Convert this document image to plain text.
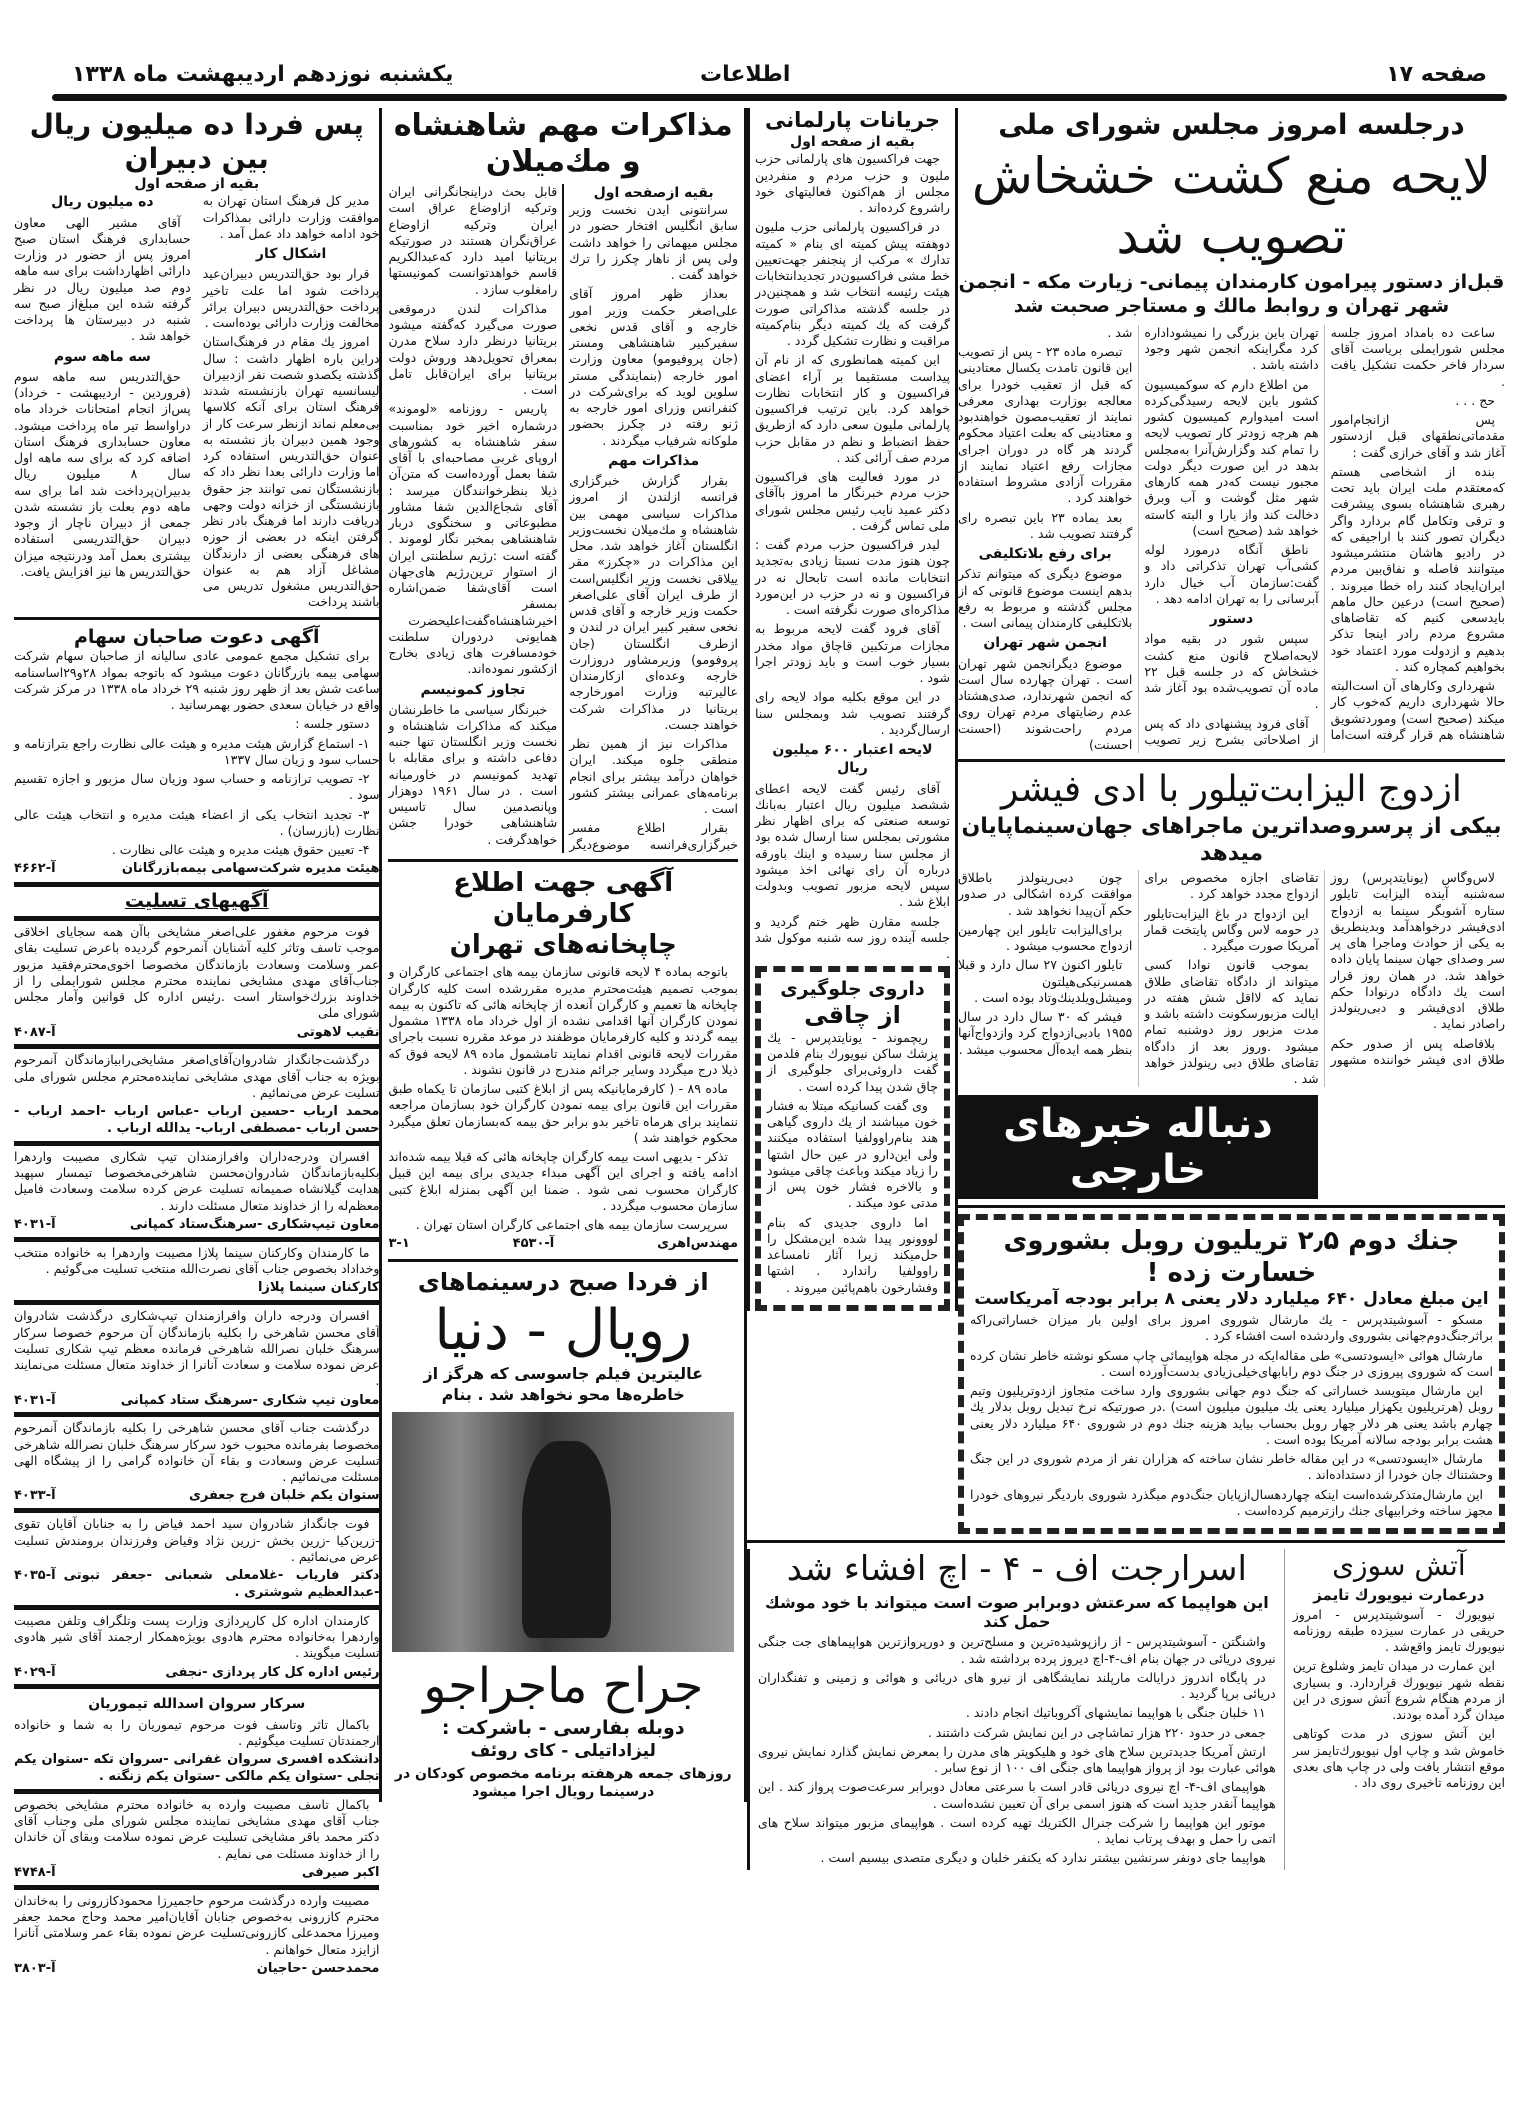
صفحه ۱۷
اطلاعات
یکشنبه نوزدهم اردیبهشت ماه ۱۳۳۸
درجلسه امروز مجلس شورای ملی
لایحه منع کشت خشخاش تصویب شد
قبل‌از دستور پیرامون کارمندان پیمانی- زیارت مکه - انجمن شهر تهران و روابط مالك و مستاجر صحبت شد

ساعت ده بامداد امروز جلسه مجلس شورایملی بریاست آقای سردار فاخر حکمت تشکیل یافت .

حج . . .

پس ازانجام‌امور مقدماتی‌نطقهای قبل ازدستور آغاز شد و آقای خرازی گفت :

بنده از اشخاصی هستم که‌معتقدم ملت ایران باید تحت رهبری شاهنشاه بسوی پیشرفت و ترقی وتکامل گام بردارد واگر دیگران تصور کنند با اراجیفی که در رادیو هاشان منتشرمیشود میتوانند فاصله و نفاق‌بین مردم ایران‌ایجاد کنند راه خطا میروند . (صحیح است) درعین حال ماهم بایدسعی کنیم که تقاضاهای مشروع مردم رادر اینجا تذکر بدهیم و ازدولت مورد اعتماد خود بخواهیم کمچاره کند .

شهرداری وکارهای آن است‌البته حالا شهرداری داریم که‌خوب کار میکند (صحیح است) ومورد‌تشویق شاهنشاه هم قرار گرفته است‌اما تهران باین بزرگی را نمیشوداداره کرد مگراینکه انجمن شهر وجود داشته باشد .

من اطلاع دارم که سوکمیسیون کشور باین لایحه رسیدگی‌کرده است امیدوارم کمیسیون کشور هم هرچه زودتر کار تصویب لایحه را تمام کند وگزارش‌آنرا به‌مجلس بدهد در این صورت دیگر دولت مجبور نیست که‌در همه کارهای شهر مثل گوشت و آب وبرق دخالت کند واز بارا و البته کاسته خواهد شد (صحیح است)

ناطق آنگاه درمورد لوله کشی‌آب تهران تذکراتی داد و گفت:سازمان آب خیال دارد آبرسانی را به تهران ادامه دهد .

دستور

سپس شور در بقیه مواد لایحه‌اصلاح قانون منع کشت خشخاش که در جلسه قبل ۲۲ ماده آن تصویب‌شده بود آغاز شد .

آقای فرود پیشنهادی داد که پس از اصلاحاتی بشرح زیر تصویب شد .

تبصره ماده ۲۳ - پس از تصویب این قانون تامدت یکسال معتادینی که قبل از تعقیب خودرا برای معالجه بوزارت بهداری معرفی نمایند از تعقیب‌مصون خواهندبود و معتادینی که بعلت اعتیاد محکوم گردند هر گاه در دوران اجرای مجازات رفع اعتیاد نمایند از مقررات آزادی مشروط استفاده خواهند کرد .

بعد بماده ۲۳ باین تبصره رای گرفتند تصویب شد .

برای رفع بلاتکلیفی

موضوع دیگری که میتوانم تذکر بدهم اینست موضوع قانونی که از مجلس گذشته و مربوط به رفع بلاتکلیفی کارمندان پیمانی است .

انجمن شهر تهران

موضوع دیگرانجمن شهر تهران است . تهران چهارده سال است که انجمن شهرندارد، صدی‌هشتاد عدم رضایتهای مردم تهران روی مردم راحت‌شوند (احسنت احسنت)

ازدوج الیزابت‌تیلور با ادی فیشر
بیکی از پرسروصداترین ماجراهای جهان‌سینماپایان میدهد

لاس‌وگاس (یونایتدپرس) روز سه‌شنبه آینده الیزابت تایلور ستاره آشوبگر سینما به ازدواج ادی‌فیشر درخواهدآمد وبدینطریق به یکی از حوادث وماجرا های پر سر وصدای جهان سینما پایان داده خواهد شد. در همان روز قرار است یك دادگاه درنوادا حکم طلاق ادی‌فیشر و دبی‌رینولدز راصادر نماید .

بلافاصله پس از صدور حکم طلاق ادی فیشر خواننده مشهور تقاضای اجازه مخصوص برای ازدواج مجدد خواهد کرد .

این ازدواج در باغ الیزابت‌تایلور در حومه لاس وگاس پایتخت قمار آمریکا صورت میگیرد .

بموجب قانون نوادا کسی میتواند از دادگاه تقاضای طلاق نماید که لااقل شش هفته در ایالت مزبورسکونت داشته باشد و مدت مزبور روز دوشنبه تمام میشود .وروز بعد از دادگاه تقاضای طلاق دبی رینولدز خواهد شد .

چون دبی‌رینولدز باطلاق موافقت کرده اشکالی در صدور حکم آن‌پیدا نخواهد شد .

برای‌الیزابت تایلور این چهارمین ازدواج محسوب میشود .

تایلور اکنون ۲۷ سال دارد و قبلا همسرنیکی‌هیلتون ومیشل‌ویلدینك‌وتاد بوده است .

فیشر که ۳۰ سال دارد در سال ۱۹۵۵ بادبی‌ازدواج کرد وازدواج‌آنها بنظر همه ایده‌آل محسوب میشد .

دنباله خبرهای خارجی
جنك دوم ۲٫۵ تریلیون روبل بشوروی خسارت زده !
این مبلغ معادل ۶۴۰ میلیارد دلار یعنی ۸ برابر بودجه آمریکاست

مسکو - آسوشیتدپرس - یك مارشال شوروی امروز برای اولین بار میزان خساراتی‌راکه براثرجنگ‌دوم‌جهانی بشوروی واردشده است افشاء کرد .

مارشال هوائی «ایسودتسی» طی مقاله‌ایکه در مجله هواپیمائی چاپ مسکو نوشته خاطر نشان کرده است که شوروی پیروزی در جنگ دوم رابابهای‌خیلی‌زیادی بدست‌آورده است .

این مارشال میتویسد خساراتی که جنگ دوم جهانی بشوروی وارد ساخت متجاوز ازدوتریلیون وتیم روبل (هرتریلیون یکهزار میلیارد یعنی یك میلیون میلیون است) .در صورتیکه نرخ تبدیل روبل بدلار یك چهارم باشد یعنی هر دلار چهار روبل بحساب بیاید هزینه جنك دوم در شوروی ۶۴۰ میلیارد دلار یعنی هشت برابر بودجه سالانه آمریکا بوده است .

مارشال «ایسودتسی» در این مقاله خاطر نشان ساخته که هزاران نفر از مردم شوروی در این جنگ وحشتناك جان خودرا از دستداده‌اند .

این مارشال‌متذکرشده‌است اینکه چهاردهسال‌ازپایان جنگ‌دوم میگذرد شوروی باردیگر نیروهای خودرا مجهز ساخته وخرابیهای جنك رازترمیم کرده‌است .

جریانات پارلمانی
بقیه از صفحه اول

جهت فراکسیون های پارلمانی حزب ملیون و حزب مردم و منفردین مجلس از هم‌اکنون فعالیتهای خود راشروع کرده‌اند .

در فراکسیون پارلمانی حزب ملیون دوهفته پیش کمیته ای بنام « کمیته تدارك » مرکب از پنجنفر جهت‌تعیین خط مشی فراکسیون‌در تجدیدانتخابات هیئت رئیسه انتخاب شد و همچنین‌در در جلسه گذشته مذاکراتی صورت گرفت که یك کمیته دیگر بنام‌کمیته مراقبت و نظارت تشکیل گردد .

این کمیته همانطوری که از نام آن پیداست مستقیما بر آراء اعضای فراکسیون و کار انتخابات نظارت خواهد کرد. باین ترتیب فراکسیون پارلمانی ملیون سعی دارد که ازطریق حفظ انضباط و نظم در مقابل حزب مردم صف آرائی کند .

در مورد فعالیت های فراکسیون حزب مردم خبرنگار ما امروز باآقای دکتر عمید نایب رئیس مجلس شورای ملی تماس گرفت .

لیدر فراکسیون حزب مردم گفت : چون هنوز مدت نسبتا زیادی به‌تجدید انتخابات مانده است تابحال نه در فراکسیون و نه در حزب در این‌مورد مذاکره‌ای صورت نگرفته است .

آقای فرود گفت لایحه مربوط به مجازات مرتکبین قاچاق مواد مخدر بسیار خوب است و باید زودتر اجرا شود .

در این موقع بکلیه مواد لایحه رای گرفتند تصویب شد وبمجلس سنا ارسال‌گردید .

لایحه اعتبار ۶۰۰ میلیون ریال

آقای رئیس گفت لایحه اعطای ششصد میلیون ریال اعتبار به‌بانك توسعه صنعتی که برای اظهار نظر مشورتی بمجلس سنا ارسال شده بود از مجلس سنا رسیده و اینك باورقه درباره آن رای نهائی اخذ میشود سپس لایحه مزبور تصویب وبدولت ابلاغ شد .

جلسه مقارن ظهر ختم گردید و جلسه آینده روز سه شنبه موکول شد .

داروی جلوگیری
از چاقی

ریچموند - یونایتدپرس - یك پزشك ساکن نیویورك بنام فلدمن گفت داروئی‌برای جلوگیری از چاق شدن پیدا کرده است .

وی گفت کسانیکه مبتلا به فشار خون میباشند از یك داروی گیاهی هند بنام‌راوولفیا استفاده میکنند ولی این‌دارو در عین حال اشتها را زیاد میکند وباعث چاقی میشود و بالاخره فشار خون پس از مدتی عود میکند .

اما داروی جدیدی که بنام لووونور پیدا شده این‌مشکل را حل‌میکند زیرا آثار نامساعد راوولفیا راندارد . اشتها وفشارخون باهم‌پائین میروند .

آتش سوزی
درعمارت نیویورك تایمز

نیویورك - آسوشیتدپرس - امروز حریقی در عمارت سیزده طبقه روزنامه نیویورك تایمز واقع‌شد .

این عمارت در میدان تایمز وشلوغ ترین نقطه شهر نیویورك قراردارد. و بسیاری از مردم هنگام شروع آتش سوزی در این میدان گرد آمده بودند.

این آتش سوزی در مدت کوتاهی خاموش شد و چاپ اول نیویورك‌تایمز سر موقع انتشار یافت ولی در چاپ های بعدی این روزنامه تاخیری روی داد .

اسرارجت اف - ۴ - اچ افشاء شد
این هواپیما که سرعتش دوبرابر صوت است میتواند با خود موشك حمل کند

واشنگتن - آسوشیتدپرس - از رازپوشیده‌ترین و مسلح‌ترین و دورپروازترین هواپیماهای جت جنگی نیروی دریائی در جهان بنام اف‌-۴-اچ دیروز پرده برداشته شد .

در پایگاه اندروز درایالت مارپلند نمایشگاهی از نیرو های دریائی و هوائی و زمینی و تفنگداران دریائی برپا گردید .

۱۱ خلبان جنگی با هواپیما نمایشهای آکروباتیك انجام دادند .

جمعی در حدود ۲۲۰ هزار تماشاچی در این نمایش شرکت داشتند .

ارتش آمریکا جدیدترین سلاح های خود و هلیکوپتر های مدرن را بمعرض نمایش گذارد نمایش نیروی هوائی عبارت بود از پرواز هواپیما های جنگی اف ۱۰۰ از نوع سابر .

هواپیمای اف-۴- اچ نیروی دریائی قادر است با سرعتی معادل دوبرابر سرعت‌صوت پرواز کند . این هواپیما آنقدر جدید است که هنوز اسمی برای آن تعیین نشده‌است .

موتور این هواپیما را شرکت جنرال الکتریك تهیه کرده است . هواپیمای مزبور میتواند سلاح های اتمی را حمل و بهدف پرتاب نماید .

هواپیما جای دونفر سرنشین بیشتر ندارد که یکنفر خلبان و دیگری متصدی بیسیم است .

مذاکرات مهم شاهنشاه و مك‌میلان
بقیه ازصفحه اول

سرانتونی ایدن نخست وزیر سابق انگلیس افتخار حضور در مجلس میهمانی را خواهد داشت ولی پس از ناهار چکرز را ترك خواهد گفت .

بعداز ظهر امروز آقای علی‌اصغر حکمت وزیر امور خارجه و آقای قدس نخعی سفیرکبیر شاهنشاهی ومستر (جان پروفیومو) معاون وزارت امور خارجه (بنمایندگی مستر سلوین لوید که برای‌شرکت در کنفرانس وزرای امور خارجه به ژنو رفته در چکرز بحضور ملوکانه شرفیاب میگردند .

مذاکرات مهم

بقرار گزارش خبرگزاری فرانسه ازلندن از امروز مذاکرات سیاسی مهمی بین شاهنشاه و مك‌میلان نخست‌وزیر انگلستان آغاز خواهد شد. محل این مذاکرات در «چکرز» مقر ییلاقی نخست وزیر انگلیس‌است از طرف ایران آقای علی‌اصغر حکمت وزیر خارجه و آقای قدس نخعی سفیر کبیر ایران در لندن و ازطرف انگلستان (جان پروفومو) وزیرمشاور دروزارت خارجه وعده‌ای ازکارمندان عالیرتبه وزارت امورخارجه بریتانیا در مذاکرات شرکت خواهند جست.

مذاکرات نیز از همین نظر منطقی جلوه میکند. ایران خواهان درآمد بیشتر برای انجام برنامه‌های عمرانی بیشتر کشور است .

بقرار اطلاع مفسر خبرگزاری‌فرانسه موضوع‌دیگر قابل بحث دراینجانگرانی ایران وترکیه ازاوضاع عراق است ایران وترکیه ازاوضاع عراق‌نگران هستند در صورتیکه بریتانیا امید دارد که‌عبدالکریم قاسم خواهدتوانست کمونیستها رامغلوب سازد .

مذاکرات لندن درموقعی صورت می‌گیرد که‌گفته میشود بریتانیا درنظر دارد سلاح مدرن بمعراق تحویل‌دهد وروش دولت بریتانیا برای ایران‌قابل تامل است .

پاریس - روزنامه «لوموند» درشماره اخیر خود بمناسبت سفر شاهنشاه به کشورهای اروپای غربی مصاحبه‌ای با آقای شفا بعمل آورده‌است که متن‌آن ذیلا بنظرخوانندگان میرسد : آقای شجاع‌الدین شفا مشاور مطبوعاتی و سخنگوی دربار شاهنشاهی بمخبر نگار لوموند . گفته است :رژیم سلطنتی ایران از استوار ترین‌رژیم های‌جهان است آقای‌شفا ضمن‌اشاره بمسفر اخیرشاهنشاه‌گفت‌اعلیحضرت همایونی دردوران سلطنت خودمسافرت های زیادی بخارج ازکشور نموده‌اند.

تجاوز کمونیسم

خبرنگار سیاسی ما خاطرنشان میکند که مذاکرات شاهنشاه و نخست وزیر انگلستان تنها جنبه دفاعی داشته و برای مقابله با تهدید کمونیسم در خاورمیانه است . در سال ۱۹۶۱ دوهزار وپانصدمین سال تاسیس شاهنشاهی خودرا جشن خواهدگرفت .

آگهی جهت اطلاع کارفرمایان
چاپخانه‌های تهران

باتوجه بماده ۴ لایحه قانونی سازمان بیمه های اجتماعی کارگران و بموجب تصمیم هیئت‌محترم مدیره مقررشده است کلیه کارگران چاپخانه ها تعمیم و کارگران آنعده از چاپخانه هائی که تاکنون به بیمه نمودن کارگران آنها اقدامی نشده از اول خرداد ماه ۱۳۳۸ مشمول بیمه گردند و کلیه کارفرمایان موظفند در موعد مقرره نسبت باجرای مقررات لایحه قانونی اقدام نمایند تامشمول ماده ۸۹ لایحه فوق که ذیلا درج میگردد وسایر جرائم مندرج در قانون نشوند .

ماده ۸۹ - ( کارفرمایانیکه پس از ابلاغ کتبی سازمان تا یکماه طبق مقررات این قانون برای بیمه نمودن کارگران خود بسازمان مراجعه ننمایند برای هرماه تاخیر بدو برابر حق بیمه که‌بسازمان تعلق میگیرد محکوم خواهند شد )

تذکر - بدیهی است بیمه کارگران چاپخانه هائی که قبلا بیمه شده‌اند ادامه یافته و اجرای این آگهی مبداء جدیدی برای بیمه این قبیل کارگران محسوب نمی شود . ضمنا این آگهی بمنزله ابلاغ کتبی سازمان محسوب میگردد .

سرپرست سازمان بیمه های اجتماعی کارگران استان تهران .

مهندس‌اهری
آ-۴۵۳۰
۳-۱
از فردا صبح درسینماهای
رویال - دنیا
عالیترین فیلم جاسوسی که هرگز از خاطره‌ها محو نخواهد شد . بنام
جراح ماجراجو
دوبله بفارسی - باشرکت :
لیزاداتیلی - کای روئف
روزهای جمعه هرهفته برنامه مخصوص کودکان در درسینما رویال اجرا میشود
پس فردا ده میلیون ریال بین دبیران
بقیه از صفحه اول

مدیر کل فرهنگ استان تهران به موافقت وزارت دارائی بمذاکرات خود ادامه خواهد داد عمل آمد .

اشکال کار

قرار بود حق‌التدریس دبیران‌عید پرداخت شود اما علت تاخیر پرداخت حق‌التدریس دبیران برائر مخالفت وزارت دارائی بوده‌است .

امروز یك مقام در فرهنگ‌استان دراین باره اظهار داشت : سال گذشته یکصدو شصت نفر ازدبیران لیسانسیه تهران بازنشسته شدند فرهنگ استان برای آنکه کلاسها بی‌معلم نماند ازنظر سرعت کار از وجود همین دبیران باز نشسته به عنوان حق‌التدریس استفاده کرد اما وزارت دارائی بعدا نظر داد که بازنشستگان نمی توانند جز حقوق بازنشستگی از خزانه دولت وجهی دریافت دارند اما فرهنگ بادر نظر گرفتن اینکه در بعضی از حوزه های فرهنگی بعضی از دارندگان مشاغل آزاد هم به عنوان حق‌التدریس مشغول تدریس می باشند پرداخت

ده میلیون ریال

آقای مشیر الهی معاون حسابداری فرهنگ استان صبح امروز پس از حضور در وزارت دارائی اظهارداشت برای سه ماهه دوم صد میلیون ریال در نظر گرفته شده این مبلغ‌از صبح سه شنبه در دبیرستان ها پرداخت خواهد شد .

سه ماهه سوم

حق‌التدریس سه ماهه سوم (فروردین - اردیبهشت - خرداد) پس‌از انجام امتحانات خرداد ماه دراواسط تیر ماه پرداخت میشود. معاون حسابداری فرهنگ استان اضافه کرد که برای سه ماهه اول سال ۸ میلیون ریال بدبیران‌پرداخت شد اما برای سه ماهه دوم بعلت باز نشسته شدن جمعی از دبیران ناچار از وجود دبیران حق‌التدریسی استفاده بیشتری بعمل آمد ودرنتیجه میزان حق‌التدریس ها نیز افزایش یافت.

آگهی دعوت صاحبان سهام

برای تشکیل مجمع عمومی عادی سالیانه از صاحبان سهام شرکت سهامی بیمه بازرگانان دعوت میشود که باتوجه بمواد ۲۸و۲۹اساسنامه ساعت شش بعد از ظهر روز شنبه ۲۹ خرداد ماه ۱۳۳۸ در مرکز شرکت واقع در خیابان سعدی حضور بهمرسانید .

دستور جلسه :

۱- استماع گزارش هیئت مدیره و هیئت عالی نظارت راجع بترازنامه و حساب سود و زیان سال ۱۳۳۷

۲- تصویب ترازنامه و حساب سود وزیان سال مزبور و اجازه تقسیم سود .

۳- تجدید انتخاب یکی از اعضاء هیئت مدیره و انتخاب هیئت عالی نظارت (بازرسان) .

۴- تعیین حقوق هیئت مدیره و هیئت عالی نظارت .

هیئت مدیره شرکت‌سهامی بیمه‌بازرگانان
آ-۴۶۶۲
آگهیهای تسلیت

فوت مرحوم مغفور علی‌اصغر مشایخی باآن همه سجایای اخلاقی موجب تاسف وتاثر کلیه آشنایان آنمرحوم گردیده باعرض تسلیت بقای عمر وسلامت وسعادت بازماندگان مخصوصا اخوی‌محترم‌فقید مزبور جناب‌آقای مهدی مشایخی نماینده محترم مجلس شورایملی را از خداوند بزرك‌خواستار است .رئیس اداره کل قوانین وآمار مجلس شورای ملی

نقیب لاهوتی
آ-۴۰۸۷

درگذشت‌جانگداز شادروان‌آقای‌اصغر مشایخی‌رابیازماندگان آنمرحوم بویژه به جناب آقای مهدی مشایخی نماینده‌محترم مجلس شورای ملی تسلیت عرض می‌نمائیم .

محمد ارباب -حسین ارباب -عباس ارباب -احمد ارباب - حسن ارباب -مصطفی ارباب- یدالله ارباب .

افسران ودرجه‌داران وافرازمندان تیپ شکاری مصیبت واردهرا بکلیه‌بازماندگان شادروان‌محسن شاهرخی‌مخصوصا تیمسار سپهبد هدایت گیلانشاه صمیمانه تسلیت عرض کرده سلامت وسعادت فامیل معظم‌له را از خداوند متعال مسئلت دارند .

معاون تیپ‌شکاری -سرهنگ‌ستاد کمپانی
آ-۴۰۳۱

ما کارمندان وکارکنان سینما پلازا مصیبت واردهرا به خانواده منتخب وخداداد بخصوص جناب آقای نصرت‌الله منتخب تسلیت می‌گوئیم .

کارکنان سینما پلازا

افسران ودرجه داران وافرازمندان تیپ‌شکاری درگذشت شادروان آقای محسن شاهرخی را بکلیه بازماندگان آن مرحوم خصوصا سرکار سرهنگ خلبان نصرالله شاهرخی فرمانده معظم تیپ شکاری تسلیت عرض نموده سلامت و سعادت آنانرا از خداوند متعال مسئلت می‌نمایند .

معاون تیپ شکاری -سرهنگ ستاد کمپانی
آ-۴۰۳۱

درگذشت جناب آقای محسن شاهرخی را بکلیه بازماندگان آنمرحوم مخصوصا بفرمانده محبوب خود سرکار سرهنگ خلبان نصرالله شاهرخی تسلیت عرض وسعادت و بقاء آن خانواده گرامی را از پیشگاه الهی مسئلت می‌نمائیم .

ستوان یکم خلبان فرج جعفری
آ-۴۰۳۳

فوت جانگداز شادروان سید احمد فیاض را به جنابان آقایان تقوی -زرین‌کیا -زرین بخش -زرین نژاد وفیاض وفرزندان برومندش تسلیت عرض می‌نمائیم .

دکتر فاریاب -غلامعلی شعبانی -جعفر تبوتی -عبدالعظیم شوشتری .
آ-۴۰۳۵

کارمندان اداره کل کارپردازی وزارت پست وتلگراف وتلفن مصیبت واردهرا به‌خانواده محترم هادوی بویژه‌همکار ارجمند آقای شیر هادوی تسلیت میگویند .

رئیس اداره کل کار پردازی -نجفی
آ-۴۰۲۹
سرکار سروان اسدالله تیموریان

باکمال تاثر وتاسف فوت مرحوم تیموریان را به شما و خانواده ارجمندتان تسلیت میگوئیم .

دانشکده افسری سروان غفرانی -سروان تکه -ستوان یکم تجلی -ستوان یکم مالکی -ستوان یکم زنگنه .

باکمال تاسف مصیبت وارده به خانواده محترم مشایخی بخصوص جناب آقای مهدی مشایخی نماینده مجلس شورای ملی وجناب آقای دکتر محمد باقر مشایخی تسلیت عرض نموده سلامت وبقای آن خاندان را از خداوند مسئلت می نمایم .

اکبر صیرفی
آ-۴۷۴۸

مصیبت وارده درگذشت مرحوم حاجمیرزا محمودکازرونی را به‌خاندان محترم کازرونی به‌خصوص جنابان آقایان‌امیر محمد وحاج محمد جعفر ومیرزا محمدعلی کازرونی‌تسلیت عرض نموده بقاء عمر وسلامتی آنانرا ازایزد متعال خواهانم .

محمدحسن -حاجیان
آ-۳۸۰۳
